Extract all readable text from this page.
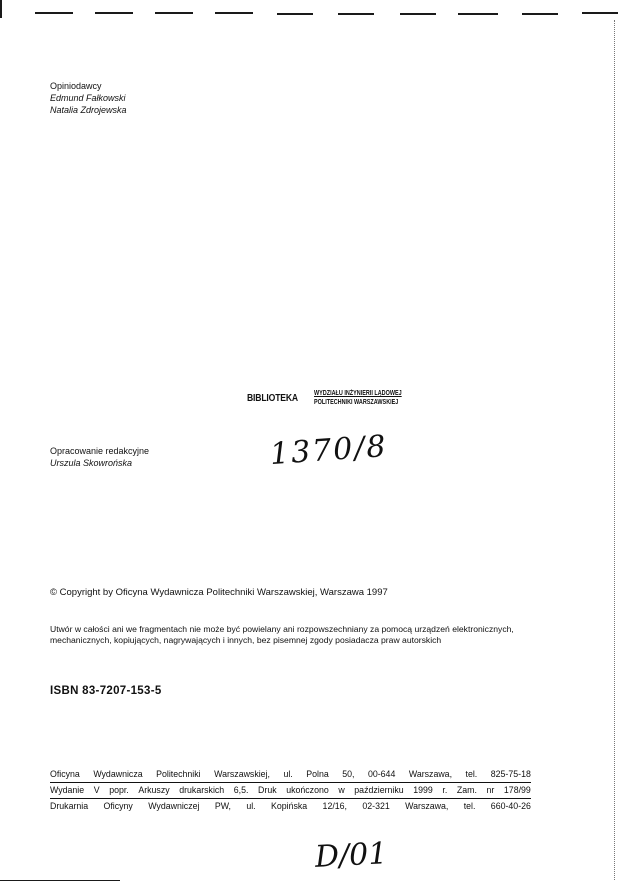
Opiniodawcy
Edmund Fałkowski
Natalia Zdrojewska
BIBLIOTEKA WYDZIAŁU INŻYNIERII LĄDOWEJ
POLITECHNIKI WARSZAWSKIEJ
1370/8
Opracowanie redakcyjne
Urszula Skowrońska
© Copyright by Oficyna Wydawnicza Politechniki Warszawskiej, Warszawa 1997
Utwór w całości ani we fragmentach nie może być powielany ani rozpowszechniany za pomocą urządzeń elektronicznych, mechanicznych, kopiujących, nagrywających i innych, bez pisemnej zgody posiadacza praw autorskich
ISBN 83-7207-153-5
Oficyna Wydawnicza Politechniki Warszawskiej, ul. Polna 50, 00-644 Warszawa, tel. 825-75-18
Wydanie V popr. Arkuszy drukarskich 6,5. Druk ukończono w październiku 1999 r. Zam. nr 178/99
Drukarnia Oficyny Wydawniczej PW, ul. Kopińska 12/16, 02-321 Warszawa, tel. 660-40-26
D/01
